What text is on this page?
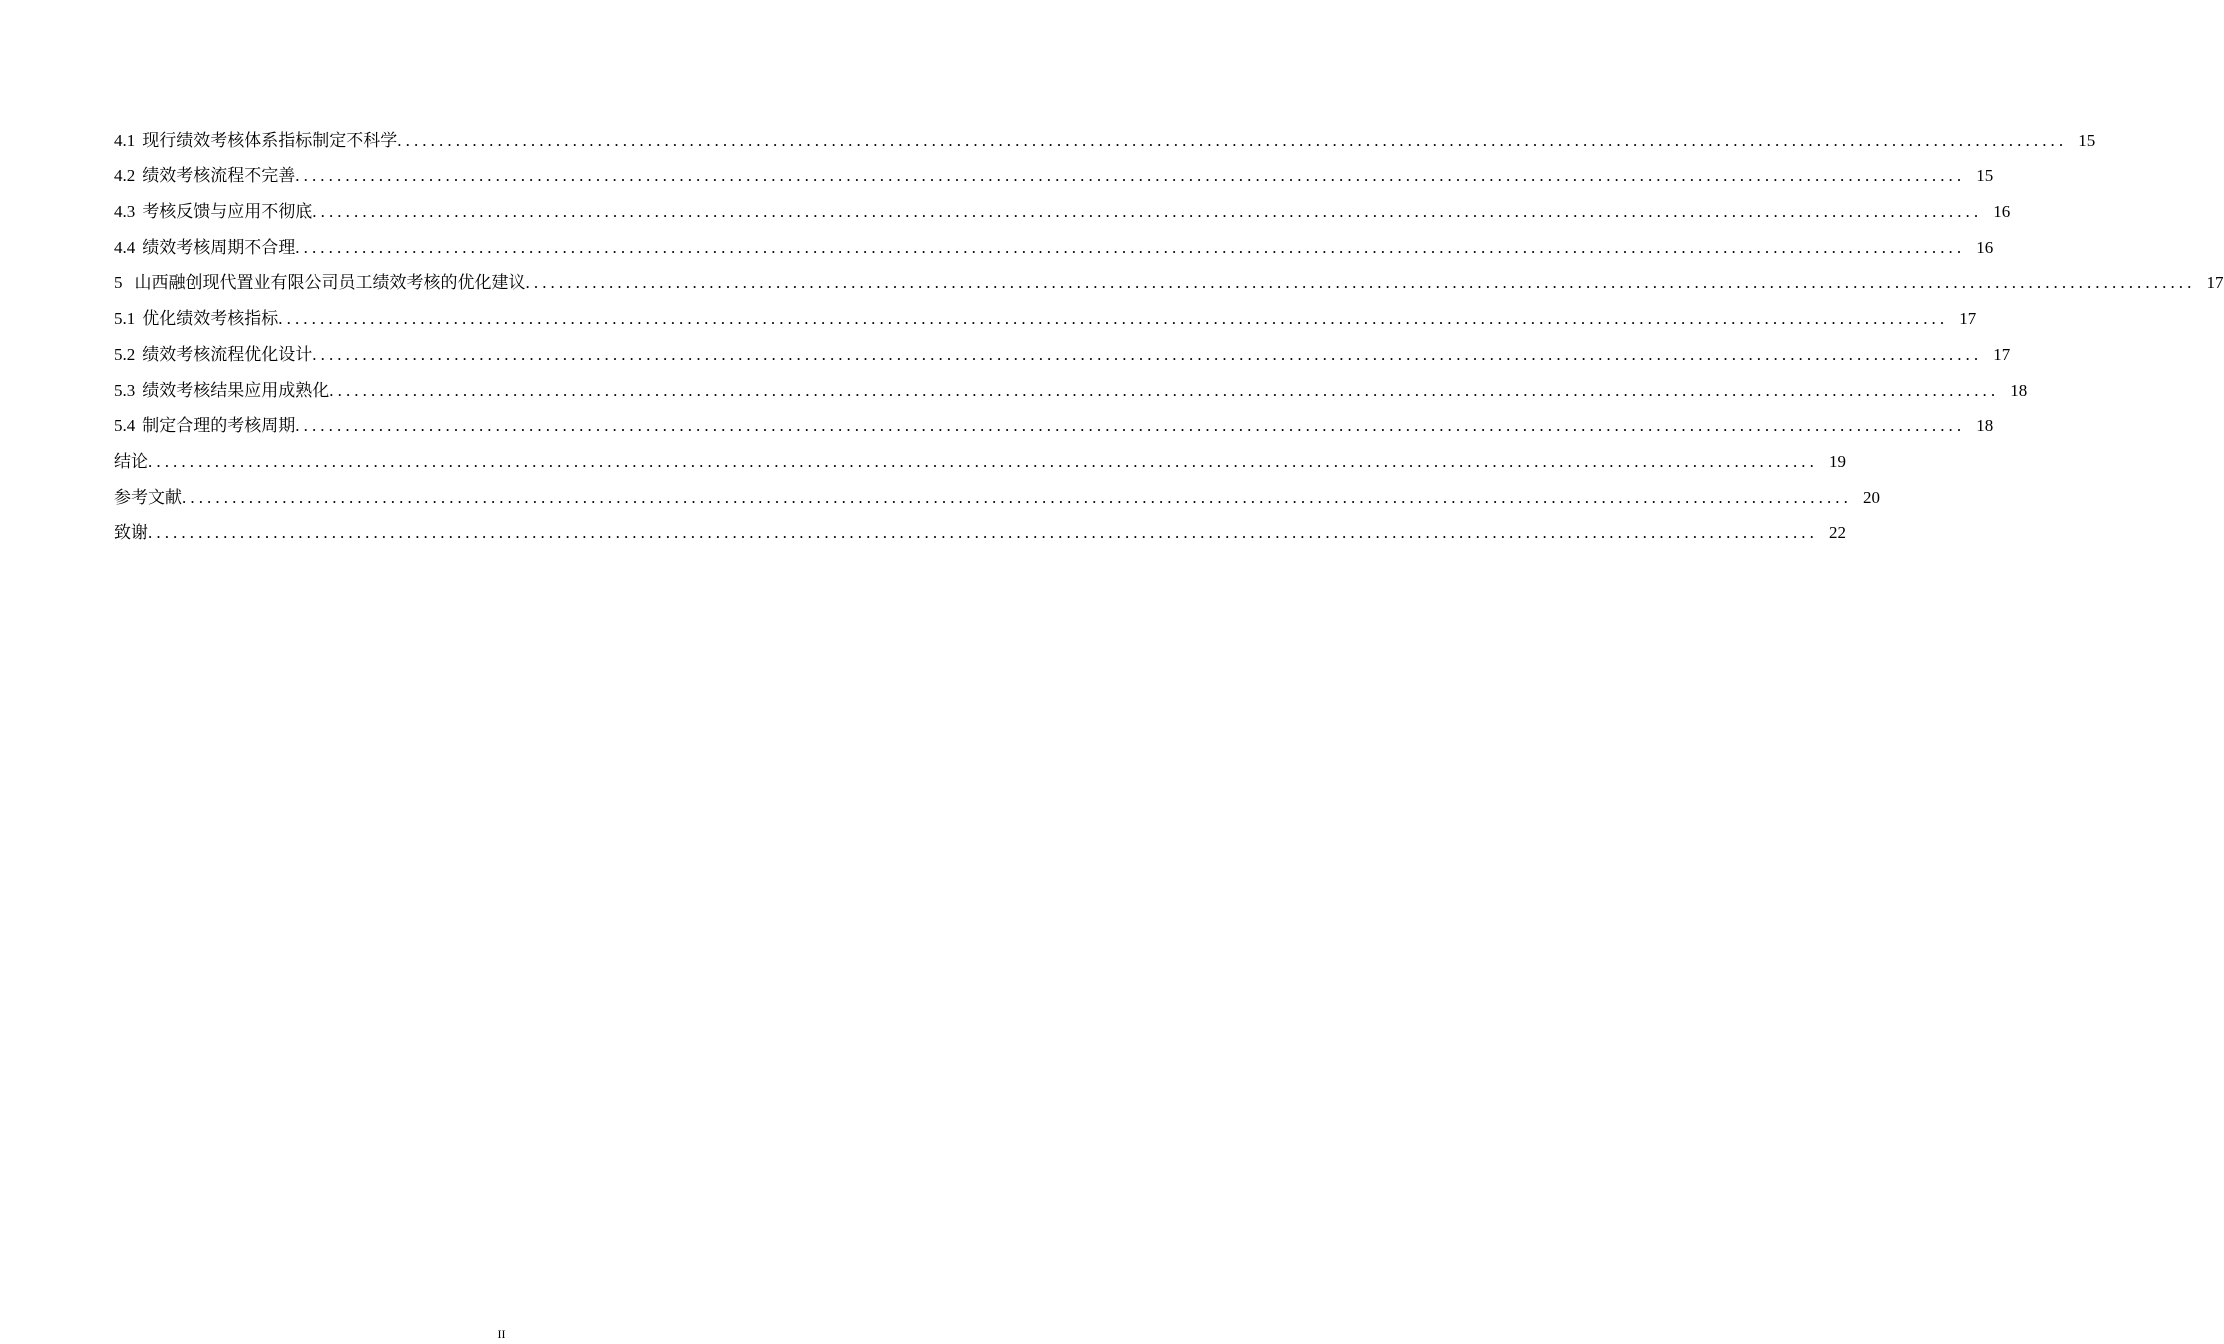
4.1 现行绩效考核体系指标制定不科学 ........................................................................................................................................................................................................ 15
4.2 绩效考核流程不完善 ........................................................................................................................................................................................................ 15
4.3 考核反馈与应用不彻底 ........................................................................................................................................................................................................ 16
4.4 绩效考核周期不合理 ........................................................................................................................................................................................................ 16
5 山西融创现代置业有限公司员工绩效考核的优化建议 ........................................................................................................................................................................................................ 17
5.1 优化绩效考核指标 ........................................................................................................................................................................................................ 17
5.2 绩效考核流程优化设计 ........................................................................................................................................................................................................ 17
5.3 绩效考核结果应用成熟化 ........................................................................................................................................................................................................ 18
5.4 制定合理的考核周期 ........................................................................................................................................................................................................ 18
结论 ........................................................................................................................................................................................................ 19
参考文献 ........................................................................................................................................................................................................ 20
致谢 ........................................................................................................................................................................................................ 22
II
